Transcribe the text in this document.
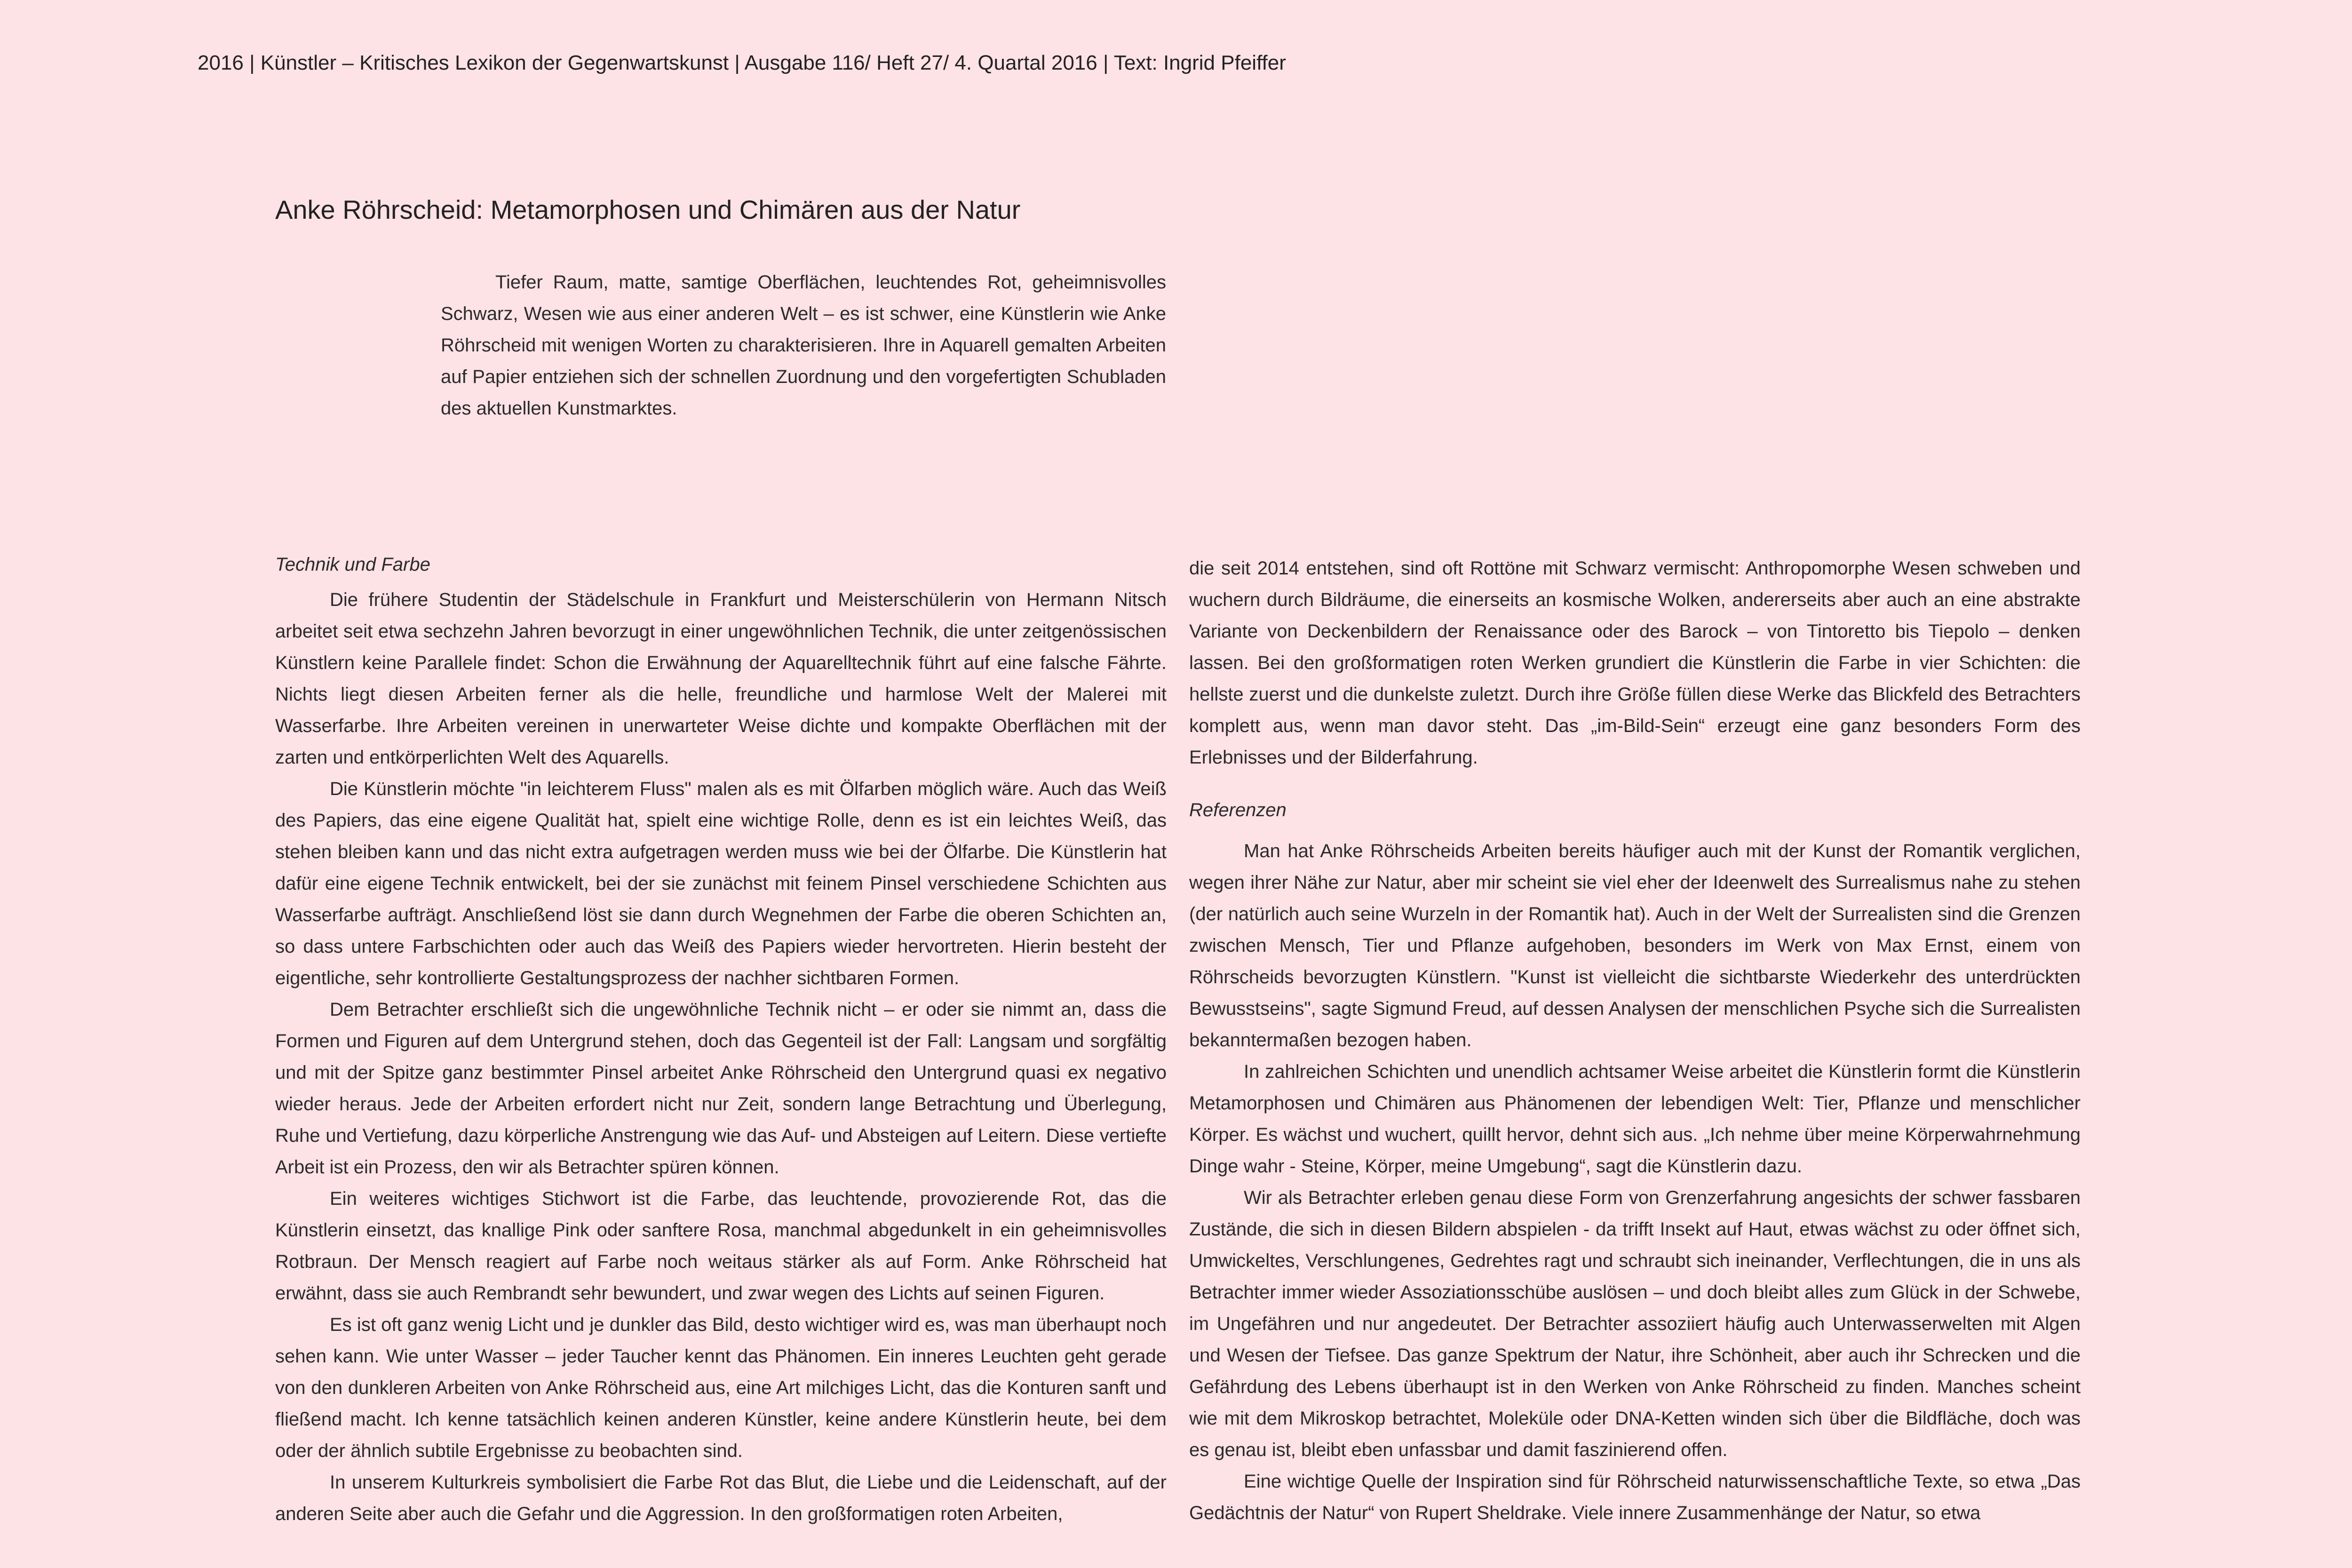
2016 | Künstler – Kritisches Lexikon der Gegenwartskunst | Ausgabe 116/ Heft 27/ 4. Quartal 2016 | Text: Ingrid Pfeiffer
Anke Röhrscheid: Metamorphosen und Chimären aus der Natur

Tiefer Raum, matte, samtige Oberflächen, leuchtendes Rot, geheimnisvolles Schwarz, Wesen wie aus einer anderen Welt – es ist schwer, eine Künstlerin wie Anke Röhrscheid mit wenigen Worten zu charakterisieren. Ihre in Aquarell gemalten Arbeiten auf Papier entziehen sich der schnellen Zuordnung und den vorgefertigten Schubladen des aktuellen Kunstmarktes.

Technik und Farbe

Die frühere Studentin der Städelschule in Frankfurt und Meisterschülerin von Hermann Nitsch arbeitet seit etwa sechzehn Jahren bevorzugt in einer ungewöhnlichen Technik, die unter zeitgenössischen Künstlern keine Parallele findet: Schon die Erwähnung der Aquarelltechnik führt auf eine falsche Fährte. Nichts liegt diesen Arbeiten ferner als die helle, freundliche und harmlose Welt der Malerei mit Wasserfarbe. Ihre Arbeiten vereinen in unerwarteter Weise dichte und kompakte Oberflächen mit der zarten und entkörperlichten Welt des Aquarells.

Die Künstlerin möchte "in leichterem Fluss" malen als es mit Ölfarben möglich wäre. Auch das Weiß des Papiers, das eine eigene Qualität hat, spielt eine wichtige Rolle, denn es ist ein leichtes Weiß, das stehen bleiben kann und das nicht extra aufgetragen werden muss wie bei der Ölfarbe. Die Künstlerin hat dafür eine eigene Technik entwickelt, bei der sie zunächst mit feinem Pinsel verschiedene Schichten aus Wasserfarbe aufträgt. Anschließend löst sie dann durch Wegnehmen der Farbe die oberen Schichten an, so dass untere Farbschichten oder auch das Weiß des Papiers wieder hervortreten. Hierin besteht der eigentliche, sehr kontrollierte Gestaltungsprozess der nachher sichtbaren Formen.

Dem Betrachter erschließt sich die ungewöhnliche Technik nicht – er oder sie nimmt an, dass die Formen und Figuren auf dem Untergrund stehen, doch das Gegenteil ist der Fall: Langsam und sorgfältig und mit der Spitze ganz bestimmter Pinsel arbeitet Anke Röhrscheid den Untergrund quasi ex negativo wieder heraus. Jede der Arbeiten erfordert nicht nur Zeit, sondern lange Betrachtung und Überlegung, Ruhe und Vertiefung, dazu körperliche Anstrengung wie das Auf- und Absteigen auf Leitern. Diese vertiefte Arbeit ist ein Prozess, den wir als Betrachter spüren können.

Ein weiteres wichtiges Stichwort ist die Farbe, das leuchtende, provozierende Rot, das die Künstlerin einsetzt, das knallige Pink oder sanftere Rosa, manchmal abgedunkelt in ein geheimnisvolles Rotbraun. Der Mensch reagiert auf Farbe noch weitaus stärker als auf Form. Anke Röhrscheid hat erwähnt, dass sie auch Rembrandt sehr bewundert, und zwar wegen des Lichts auf seinen Figuren.

Es ist oft ganz wenig Licht und je dunkler das Bild, desto wichtiger wird es, was man überhaupt noch sehen kann. Wie unter Wasser – jeder Taucher kennt das Phänomen. Ein inneres Leuchten geht gerade von den dunkleren Arbeiten von Anke Röhrscheid aus, eine Art milchiges Licht, das die Konturen sanft und fließend macht. Ich kenne tatsächlich keinen anderen Künstler, keine andere Künstlerin heute, bei dem oder der ähnlich subtile Ergebnisse zu beobachten sind.

In unserem Kulturkreis symbolisiert die Farbe Rot das Blut, die Liebe und die Leidenschaft, auf der anderen Seite aber auch die Gefahr und die Aggression. In den großformatigen roten Arbeiten,

die seit 2014 entstehen, sind oft Rottöne mit Schwarz vermischt: Anthropomorphe Wesen schweben und wuchern durch Bildräume, die einerseits an kosmische Wolken, andererseits aber auch an eine abstrakte Variante von Deckenbildern der Renaissance oder des Barock – von Tintoretto bis Tiepolo – denken lassen. Bei den großformatigen roten Werken grundiert die Künstlerin die Farbe in vier Schichten: die hellste zuerst und die dunkelste zuletzt. Durch ihre Größe füllen diese Werke das Blickfeld des Betrachters komplett aus, wenn man davor steht. Das „im-Bild-Sein“ erzeugt eine ganz besonders Form des Erlebnisses und der Bilderfahrung.

Referenzen

Man hat Anke Röhrscheids Arbeiten bereits häufiger auch mit der Kunst der Romantik verglichen, wegen ihrer Nähe zur Natur, aber mir scheint sie viel eher der Ideenwelt des Surrealismus nahe zu stehen (der natürlich auch seine Wurzeln in der Romantik hat). Auch in der Welt der Surrealisten sind die Grenzen zwischen Mensch, Tier und Pflanze aufgehoben, besonders im Werk von Max Ernst, einem von Röhrscheids bevorzugten Künstlern. "Kunst ist vielleicht die sichtbarste Wiederkehr des unterdrückten Bewusstseins", sagte Sigmund Freud, auf dessen Analysen der menschlichen Psyche sich die Surrealisten bekanntermaßen bezogen haben.

In zahlreichen Schichten und unendlich achtsamer Weise arbeitet die Künstlerin formt die Künstlerin Metamorphosen und Chimären aus Phänomenen der lebendigen Welt: Tier, Pflanze und menschlicher Körper. Es wächst und wuchert, quillt hervor, dehnt sich aus. „Ich nehme über meine Körperwahrnehmung Dinge wahr - Steine, Körper, meine Umgebung“, sagt die Künstlerin dazu.

Wir als Betrachter erleben genau diese Form von Grenzerfahrung angesichts der schwer fassbaren Zustände, die sich in diesen Bildern abspielen - da trifft Insekt auf Haut, etwas wächst zu oder öffnet sich, Umwickeltes, Verschlungenes, Gedrehtes ragt und schraubt sich ineinander, Verflechtungen, die in uns als Betrachter immer wieder Assoziationsschübe auslösen – und doch bleibt alles zum Glück in der Schwebe, im Ungefähren und nur angedeutet. Der Betrachter assoziiert häufig auch Unterwasserwelten mit Algen und Wesen der Tiefsee. Das ganze Spektrum der Natur, ihre Schönheit, aber auch ihr Schrecken und die Gefährdung des Lebens überhaupt ist in den Werken von Anke Röhrscheid zu finden. Manches scheint wie mit dem Mikroskop betrachtet, Moleküle oder DNA-Ketten winden sich über die Bildfläche, doch was es genau ist, bleibt eben unfassbar und damit faszinierend offen.

Eine wichtige Quelle der Inspiration sind für Röhrscheid naturwissenschaftliche Texte, so etwa „Das Gedächtnis der Natur“ von Rupert Sheldrake. Viele innere Zusammenhänge der Natur, so etwa
